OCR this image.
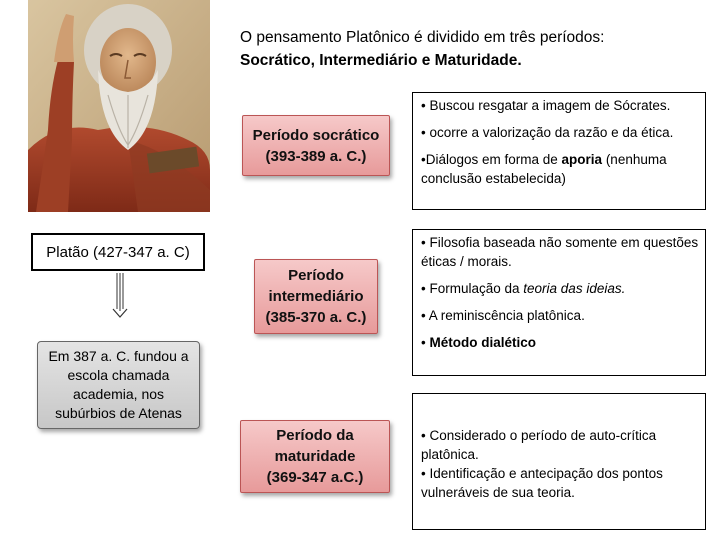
O pensamento Platônico é dividido em três períodos:
Socrático, Intermediário e Maturidade.
Platão (427-347 a. C)
Em 387 a. C. fundou a escola chamada academia, nos subúrbios de Atenas
Período socrático
(393-389 a. C.)
Período
intermediário
(385-370 a. C.)
Período da
maturidade
(369-347 a.C.)

• Buscou resgatar a imagem de Sócrates.

• ocorre a valorização da razão e da ética.

•Diálogos em forma de aporia (nenhuma conclusão estabelecida)

• Filosofia baseada não somente em questões éticas / morais.

• Formulação da teoria das ideias.

• A reminiscência platônica.

• Método dialético

• Considerado o período de auto-crítica platônica.

• Identificação e antecipação dos pontos vulneráveis de sua teoria.
